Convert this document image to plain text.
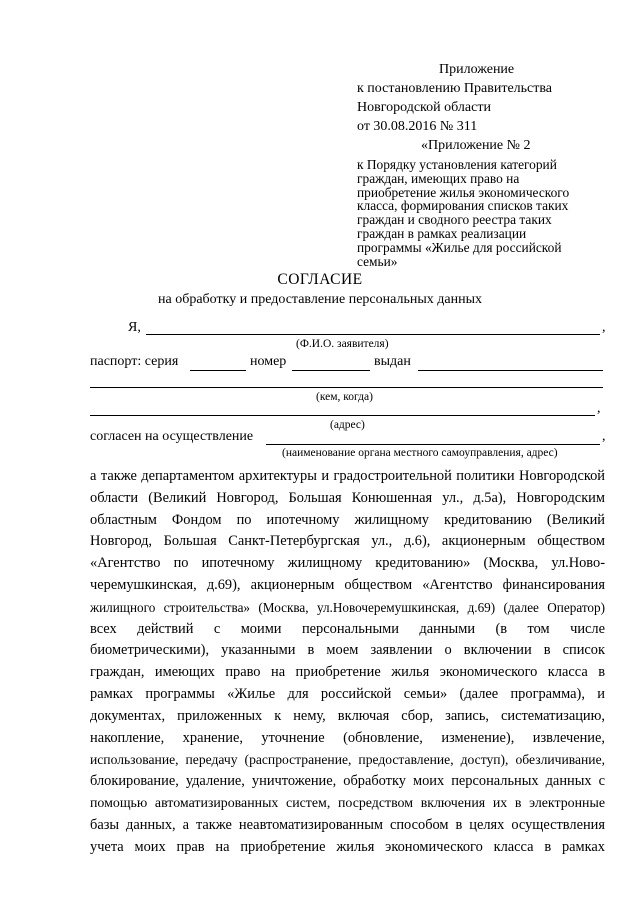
Приложение
к постановлению Правительства
Новгородской области
от 30.08.2016 № 311
«Приложение № 2
к Порядку установления категорий
граждан, имеющих право на
приобретение жилья экономического
класса, формирования списков таких
граждан и сводного реестра таких
граждан в рамках реализации
программы «Жилье для российской
семьи»
СОГЛАСИЕ
на обработку и предоставление персональных данных
Я,	,
(Ф.И.О. заявителя)
паспорт: серия	номер	выдан
(кем, когда)
,
(адрес)
согласен на осуществление	,
(наименование органа местного самоуправления, адрес)
а также департаментом архитектуры и градостроительной политики Новгородской
области (Великий Новгород, Большая Конюшенная ул., д.5а), Новгородским
областным Фондом по ипотечному жилищному кредитованию (Великий
Новгород, Большая Санкт-Петербургская ул., д.6), акционерным обществом
«Агентство по ипотечному жилищному кредитованию» (Москва, ул.Ново-
черемушкинская, д.69), акционерным обществом «Агентство финансирования
жилищного строительства» (Москва, ул.Новочеремушкинская, д.69) (далее Оператор)
всех действий с моими персональными данными (в том числе
биометрическими), указанными в моем заявлении о включении в список
граждан, имеющих право на приобретение жилья экономического класса в
рамках программы «Жилье для российской семьи» (далее программа), и
документах, приложенных к нему, включая сбор, запись, систематизацию,
накопление, хранение, уточнение (обновление, изменение), извлечение,
использование, передачу (распространение, предоставление, доступ), обезличивание,
блокирование, удаление, уничтожение, обработку моих персональных данных с
помощью автоматизированных систем, посредством включения их в электронные
базы данных, а также неавтоматизированным способом в целях осуществления
учета моих прав на приобретение жилья экономического класса в рамках
